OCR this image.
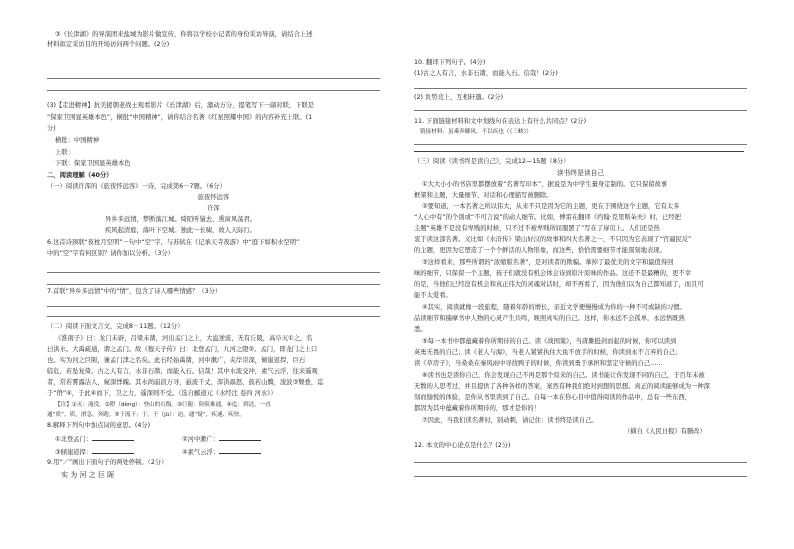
③《长津湖》的导演团来盐城为影片做宣传，你将以学校小记者的身份采访导演，请结合上述
材料拟定采访目的开场访问两个问题。(2分)
(3)【走进精神】抗美援朝老战士观看影片《长津湖》后，激动万分，提笔写下一副对联，下联是
“保家卫国显英雄本色”，横批“中国精神”，请你结合名著《红星照耀中国》的内容补充上联。(1
分)
横批：中国精神
上联：
下联：保家卫国显英雄本色
二、阅读理解（40分）
（一）阅读许浑的《旅夜怀远客》一诗，完成第6－7题。（6分）
旅夜怀远客
许浑
异乡多远情，梦断落江城。绮陌听猿去，熏窗风荡君。
疾风起清庭，落叶下空城。独此一长啸，故人天际行。
6.这首诗颈联“夜枕月空明”一句中“空”字，与苏轼在《记承天寺夜游》中“庭下如积水空明”
中的“空”字有何区别？请你加以分析。（3分）
7.首联“异乡多远情”中的“情”，包含了诗人哪些情感？（3分）
（二）阅读下面文言文，完成8－11题。（12分）
《淮南子》曰：龙门未辟，吕梁未凿，河出孟门之上，大溢逆流，无有丘陵，高阜灭①之，名
曰洪水。大禹疏通，谓之孟门。故《穆天子传》曰：北登孟门，九河之隥②。孟门，即龙门之上口
也。实为河之巨阨，兼孟门津之名矣。此石经始禹凿，河中漱广，夹岸崇深，倾崖返捍，巨石
临危，若坠复倚。古之人有言，水非石凿，而能入石。信哉！其中水流交冲，素气云浮，往来遥观
者，常若雾露沾人，窥深悸魄。其水尚崩浪万寻，悬流千丈，浑洪赑怒，鼓若山腾，浚波③颓叠，迄
于“嶨”④，于此④而下，卫之力，遥深则不受。（选自郦道元《水经注 卷四 河水》）
【注】①灭：淹没。②隥（dèng）：登山的石级。③巨阨：险阻难通。④迄：到达，一直
通“质”，质，滑急，奔跑。⑤于流下：于，于（jū）：迫，通“疑”，疾速、疾快。
8.解释下列句中加点词的意思。(4分)
①北登孟门：	②河中漱广：
③倾崖返捍：	④素气云浮：
9.用“／”画出下面句子的两处停顿。（2分）
实 为 河 之 巨 阨
10. 翻译下列句子。(4分)
(1)古之人有言，水非石凿，而能入石。信哉！(2分)
(2) 负势竞上，互相轩邈。(2分)
11. 下面链接材料和文中划线句在表达上有什么共同点？(2分)
链接材料：虽乘奔御风，不以疾也（《三峡》）
（三）阅读《读书终是读自己》，完成12—15题（8分）
读书终是读自己
①大大小小的书店里都摆放着“名著写印本”，据说是为中学生量身定制的。它只保留故事
框架和主题，大量细节、对话和心理描写被删除。
②要知道，一本名著之所以伟大，从来不只是因为它的主题，更在于围绕这个主题，它有太多
“人心中有”的个别或“不可言说”的动人细节。比如，傅雷在翻译《约翰·克里斯朵夫》时，已经把
主题“英雄不是没有卑贱的时候，只不过不被卑贱所屈服罢了”写在了扉页上。人们还是热
衷于读这部名著。又比如《水浒传》梁山好汉的故事和四大名著之一，不只因为它表现了“官逼民反”
的主题，更因为它塑造了一个个鲜活的人物形象，而这些，恰恰需要细节才能深刻地表现。
③这样看来，那些所谓的“浓缩版名著”，是对读者的欺骗。拿掉了最优美的文字和最值得回
味的细节，只保留一个主题，孩子们就没有机会体会诗到原汁原味的作品。这还不是最糟的，更不幸
的是，当他们已经没有机会和真正伟大的灵魂对话时，却不再看了，因为他们以为自己都知道了，而且可
能不太爱看。
④其实，阅读就像一段旅程，随着年龄的增长，亲近文学便慢慢成为你的一种不可或缺的习惯。
品读细节和揣摩书中人物的心灵产生共鸣，映照真实的自己。这样，你永远不会孤单，永远悟既熟
悉。
⑤每一本书中都蕴藏着你所期待的自己。读《战国策》，当唐雎挺剑而起的时候，你可以读到
英勇无畏的自己；读《老人与海》，当老人紧紧执住大鱼不放手的时候，你读到永不言弃的自己；
读《草房子》，当桑桑在秦风雨中寻找鸭子的时候，你读到勇于承担和坚定守候的自己……
⑥读书也是读你自己，你会发现自己不再是那个原来的自己。读书能让你发现不同的自己，于百年未被
无数的人思考过，并且提供了各种各样的答案，案然有种我们绝对到想的思想。真正的阅读能够成为一种深
刻而愉悦的体验，是你从书里读到了自己。自每一本在你心目中值得阅读的作品中，总有一些东西，
都因为其中蕴藏着你所期待的，那才是你的！
⑦因此，当我们读名著时，别动刺，请记住：读书终是读自己。
（摘自《人民日报》有删改）
12. 本文的中心论点是什么？(2分)
